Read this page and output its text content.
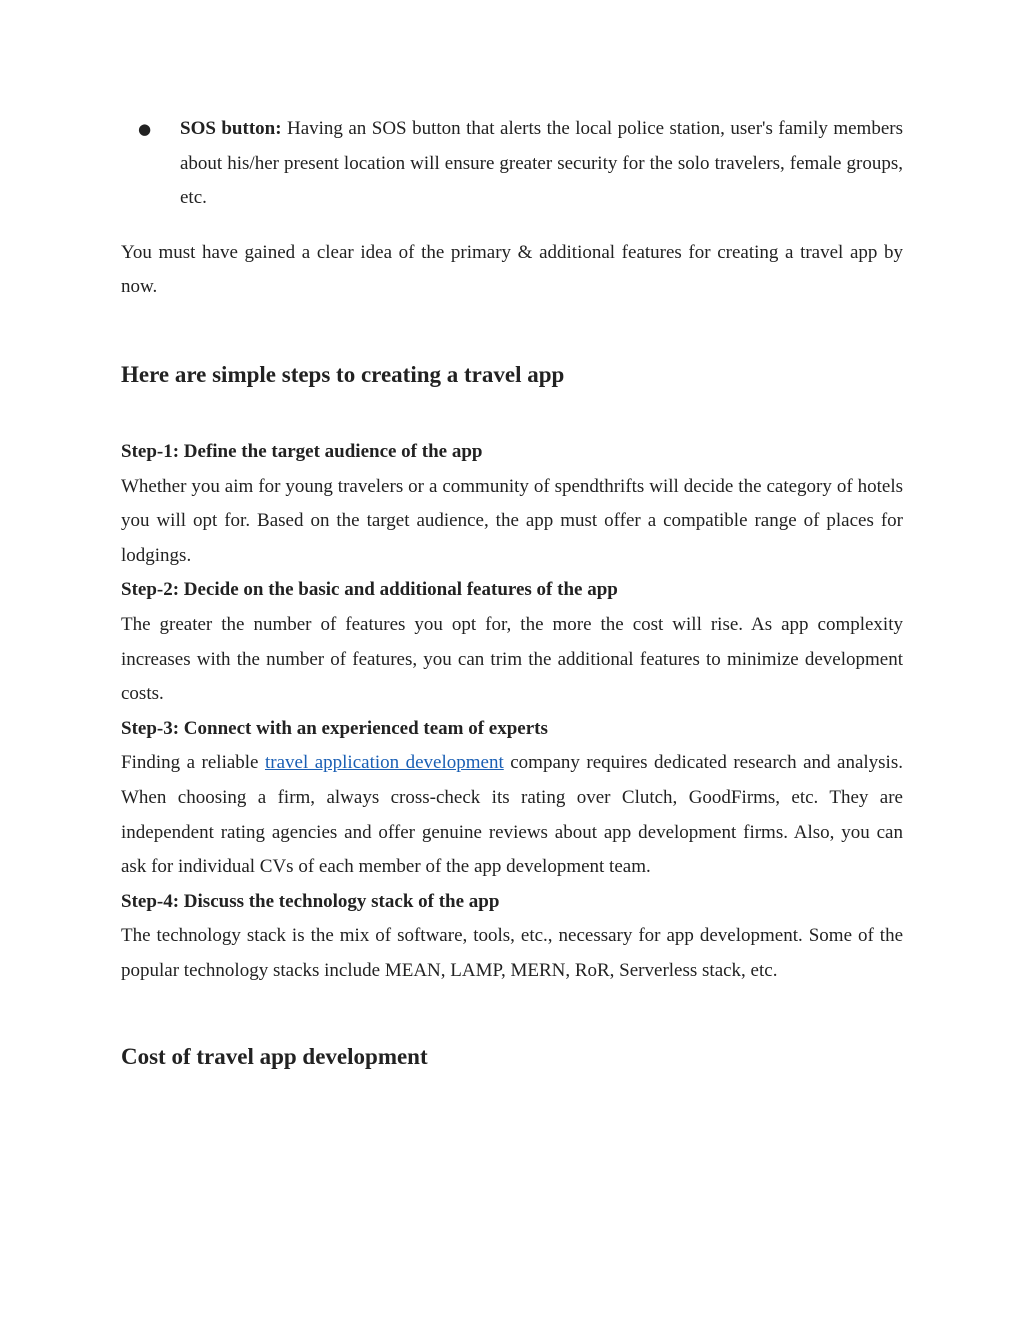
● SOS button: Having an SOS button that alerts the local police station, user's family members about his/her present location will ensure greater security for the solo travelers, female groups, etc.

You must have gained a clear idea of the primary & additional features for creating a travel app by now.

Here are simple steps to creating a travel app

Step-1: Define the target audience of the app

Whether you aim for young travelers or a community of spendthrifts will decide the category of hotels you will opt for. Based on the target audience, the app must offer a compatible range of places for lodgings.

Step-2: Decide on the basic and additional features of the app

The greater the number of features you opt for, the more the cost will rise. As app complexity increases with the number of features, you can trim the additional features to minimize development costs.

Step-3: Connect with an experienced team of experts

Finding a reliable travel application development company requires dedicated research and analysis. When choosing a firm, always cross-check its rating over Clutch, GoodFirms, etc. They are independent rating agencies and offer genuine reviews about app development firms. Also, you can ask for individual CVs of each member of the app development team.

Step-4: Discuss the technology stack of the app

The technology stack is the mix of software, tools, etc., necessary for app development. Some of the popular technology stacks include MEAN, LAMP, MERN, RoR, Serverless stack, etc.

Cost of travel app development
